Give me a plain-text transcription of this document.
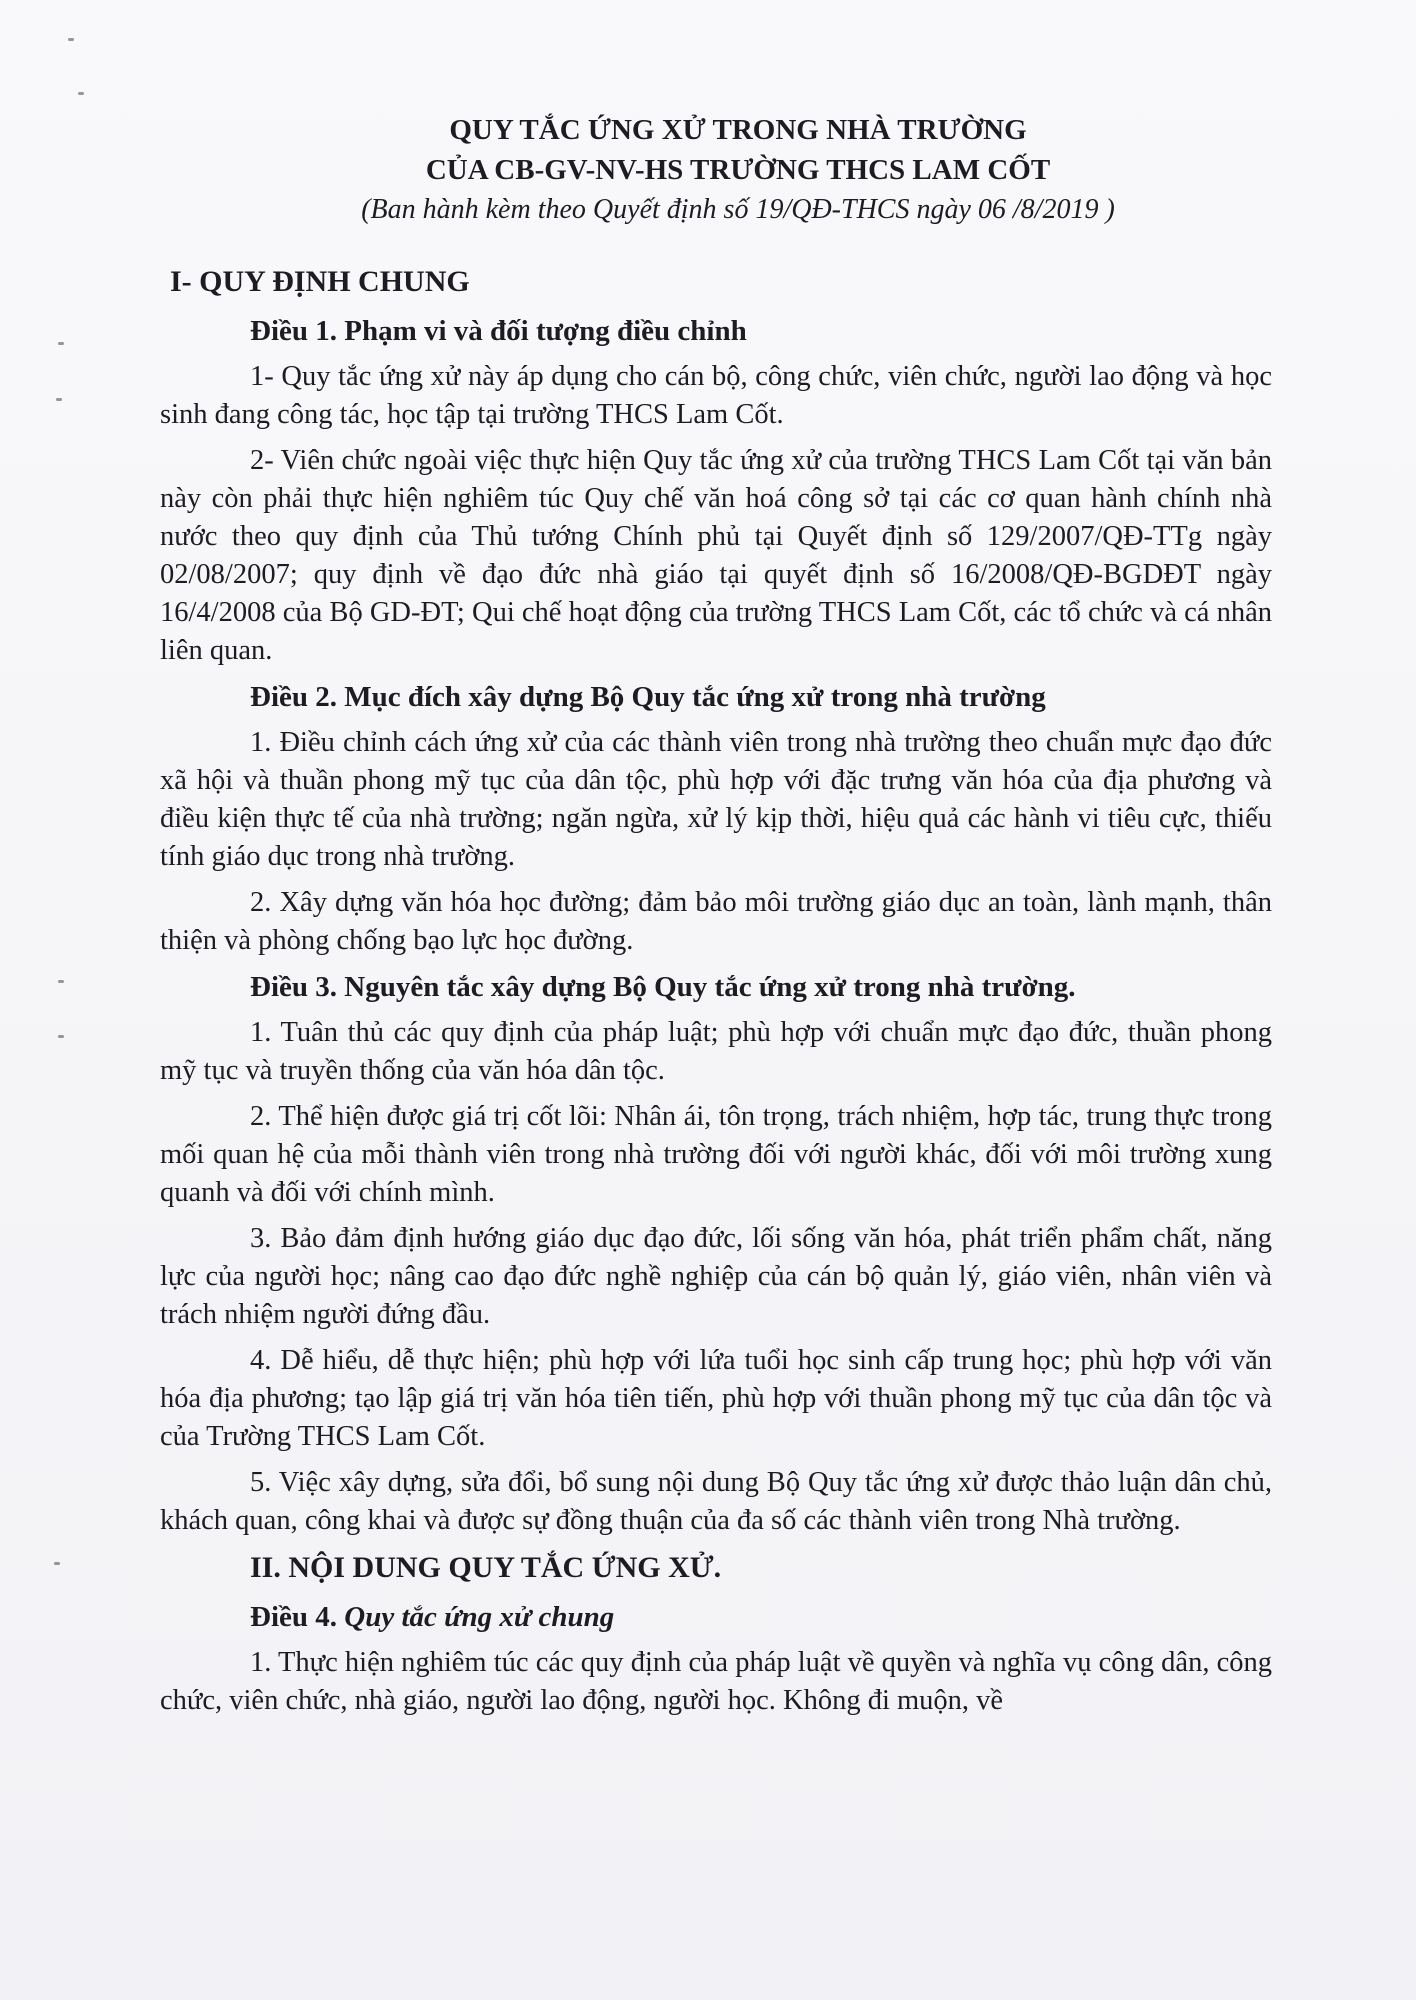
QUY TẮC ỨNG XỬ TRONG NHÀ TRƯỜNG
CỦA CB-GV-NV-HS TRƯỜNG THCS LAM CỐT
(Ban hành kèm theo Quyết định số 19/QĐ-THCS ngày 06 /8/2019 )
I- QUY ĐỊNH CHUNG
Điều 1. Phạm vi và đối tượng điều chỉnh

1- Quy tắc ứng xử này áp dụng cho cán bộ, công chức, viên chức, người lao động và học sinh đang công tác, học tập tại trường THCS Lam Cốt.

2- Viên chức ngoài việc thực hiện Quy tắc ứng xử của trường THCS Lam Cốt tại văn bản này còn phải thực hiện nghiêm túc Quy chế văn hoá công sở tại các cơ quan hành chính nhà nước theo quy định của Thủ tướng Chính phủ tại Quyết định số 129/2007/QĐ-TTg ngày 02/08/2007; quy định về đạo đức nhà giáo tại quyết định số 16/2008/QĐ-BGDĐT ngày 16/4/2008 của Bộ GD-ĐT; Qui chế hoạt động của trường THCS Lam Cốt, các tổ chức và cá nhân liên quan.

Điều 2. Mục đích xây dựng Bộ Quy tắc ứng xử trong nhà trường

1. Điều chỉnh cách ứng xử của các thành viên trong nhà trường theo chuẩn mực đạo đức xã hội và thuần phong mỹ tục của dân tộc, phù hợp với đặc trưng văn hóa của địa phương và điều kiện thực tế của nhà trường; ngăn ngừa, xử lý kịp thời, hiệu quả các hành vi tiêu cực, thiếu tính giáo dục trong nhà trường.

2. Xây dựng văn hóa học đường; đảm bảo môi trường giáo dục an toàn, lành mạnh, thân thiện và phòng chống bạo lực học đường.

Điều 3. Nguyên tắc xây dựng Bộ Quy tắc ứng xử trong nhà trường.

1. Tuân thủ các quy định của pháp luật; phù hợp với chuẩn mực đạo đức, thuần phong mỹ tục và truyền thống của văn hóa dân tộc.

2. Thể hiện được giá trị cốt lõi: Nhân ái, tôn trọng, trách nhiệm, hợp tác, trung thực trong mối quan hệ của mỗi thành viên trong nhà trường đối với người khác, đối với môi trường xung quanh và đối với chính mình.

3. Bảo đảm định hướng giáo dục đạo đức, lối sống văn hóa, phát triển phẩm chất, năng lực của người học; nâng cao đạo đức nghề nghiệp của cán bộ quản lý, giáo viên, nhân viên và trách nhiệm người đứng đầu.

4. Dễ hiểu, dễ thực hiện; phù hợp với lứa tuổi học sinh cấp trung học; phù hợp với văn hóa địa phương; tạo lập giá trị văn hóa tiên tiến, phù hợp với thuần phong mỹ tục của dân tộc và của Trường THCS Lam Cốt.

5. Việc xây dựng, sửa đổi, bổ sung nội dung Bộ Quy tắc ứng xử được thảo luận dân chủ, khách quan, công khai và được sự đồng thuận của đa số các thành viên trong Nhà trường.

II. NỘI DUNG QUY TẮC ỨNG XỬ.
Điều 4. Quy tắc ứng xử chung

1. Thực hiện nghiêm túc các quy định của pháp luật về quyền và nghĩa vụ công dân, công chức, viên chức, nhà giáo, người lao động, người học. Không đi muộn, về
